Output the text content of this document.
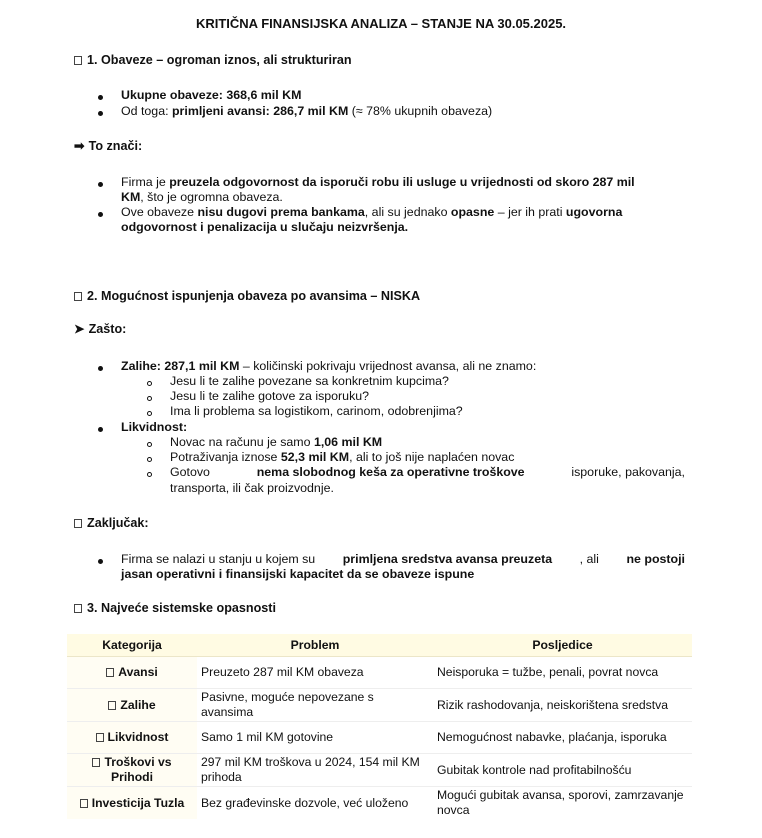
KRITIČNA FINANSIJSKA ANALIZA – STANJE NA 30.05.2025.
1. Obaveze – ogroman iznos, ali strukturiran
Ukupne obaveze: 368,6 mil KM
Od toga: primljeni avansi: 286,7 mil KM (≈ 78% ukupnih obaveza)
➡ To znači:
Firma je preuzela odgovornost da isporuči robu ili usluge u vrijednosti od skoro 287 mil
KM, što je ogromna obaveza.
Ove obaveze nisu dugovi prema bankama, ali su jednako opasne – jer ih prati ugovorna
odgovornost i penalizacija u slučaju neizvršenja.
2. Mogućnost ispunjenja obaveza po avansima – NISKA
➤ Zašto:
Zalihe: 287,1 mil KM – količinski pokrivaju vrijednost avansa, ali ne znamo:
Jesu li te zalihe povezane sa konkretnim kupcima?
Jesu li te zalihe gotove za isporuku?
Ima li problema sa logistikom, carinom, odobrenjima?
Likvidnost:
Novac na računu je samo 1,06 mil KM
Potraživanja iznose 52,3 mil KM, ali to još nije naplaćen novac
Gotovo	nema slobodnog keša za operativne troškove	isporuke, pakovanja,
transporta, ili čak proizvodnje.
Zaključak:
Firma se nalazi u stanju u kojem su primljena sredstva avansa preuzeta , ali ne postoji
jasan operativni i finansijski kapacitet da se obaveze ispune
3. Najveće sistemske opasnosti
Kategorija	Problem	Posljedice
Avansi	Preuzeto 287 mil KM obaveza	Neisporuka = tužbe, penali, povrat novca
Zalihe	Pasivne, moguće nepovezane s avansima	Rizik rashodovanja, neiskorištena sredstva
Likvidnost	Samo 1 mil KM gotovine	Nemogućnost nabavke, plaćanja, isporuka
Troškovi vs Prihodi	297 mil KM troškova u 2024, 154 mil KM prihoda	Gubitak kontrole nad profitabilnošću
Investicija Tuzla	Bez građevinske dozvole, već uloženo	Mogući gubitak avansa, sporovi, zamrzavanje novca
